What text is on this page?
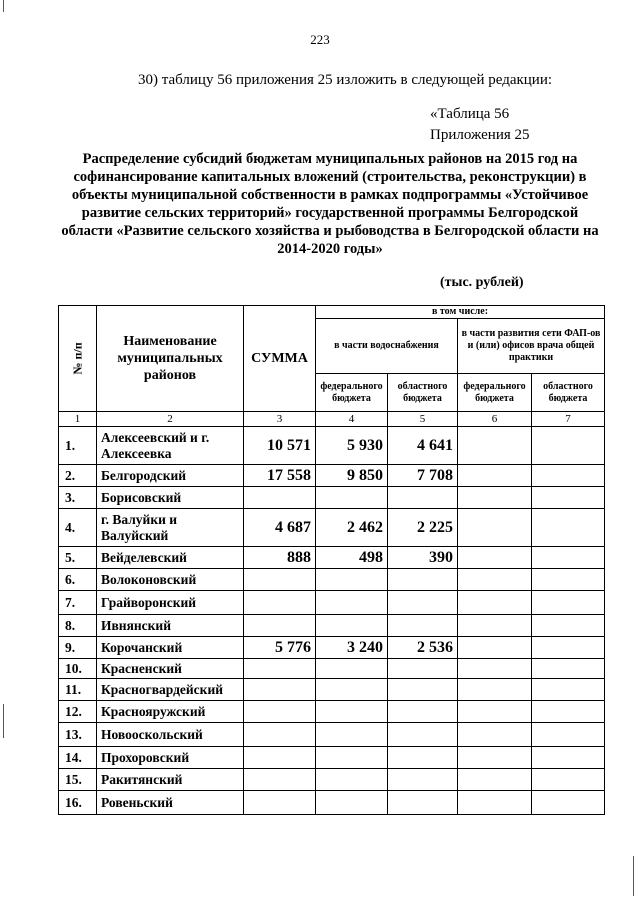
223
30) таблицу 56 приложения 25 изложить в следующей редакции:
«Таблица 56
Приложения 25
Распределение субсидий бюджетам муниципальных районов на 2015 год на софинансирование капитальных вложений (строительства, реконструкции) в объекты муниципальной собственности в рамках подпрограммы «Устойчивое развитие сельских территорий» государственной программы Белгородской области «Развитие сельского хозяйства и рыбоводства в Белгородской области на 2014-2020 годы»
(тыс. рублей)
№ п/п	Наименование муниципальных районов	СУММА	в том числе:			
			в части водоснабжения		в части развития сети ФАП-ов и (или) офисов врача общей практики	
			федерального бюджета	областного бюджета	федерального бюджета	областного бюджета
1	2	3	4	5	6	7
1.	Алексеевский и г. Алексеевка	10 571	5 930	4 641		
2.	Белгородский	17 558	9 850	7 708		
3.	Борисовский					
4.	г. Валуйки и Валуйский	4 687	2 462	2 225		
5.	Вейделевский	888	498	390		
6.	Волоконовский					
7.	Грайворонский					
8.	Ивнянский					
9.	Корочанский	5 776	3 240	2 536		
10.	Красненский					
11.	Красногвардейский					
12.	Краснояружский					
13.	Новооскольский					
14.	Прохоровский					
15.	Ракитянский					
16.	Ровеньский					
